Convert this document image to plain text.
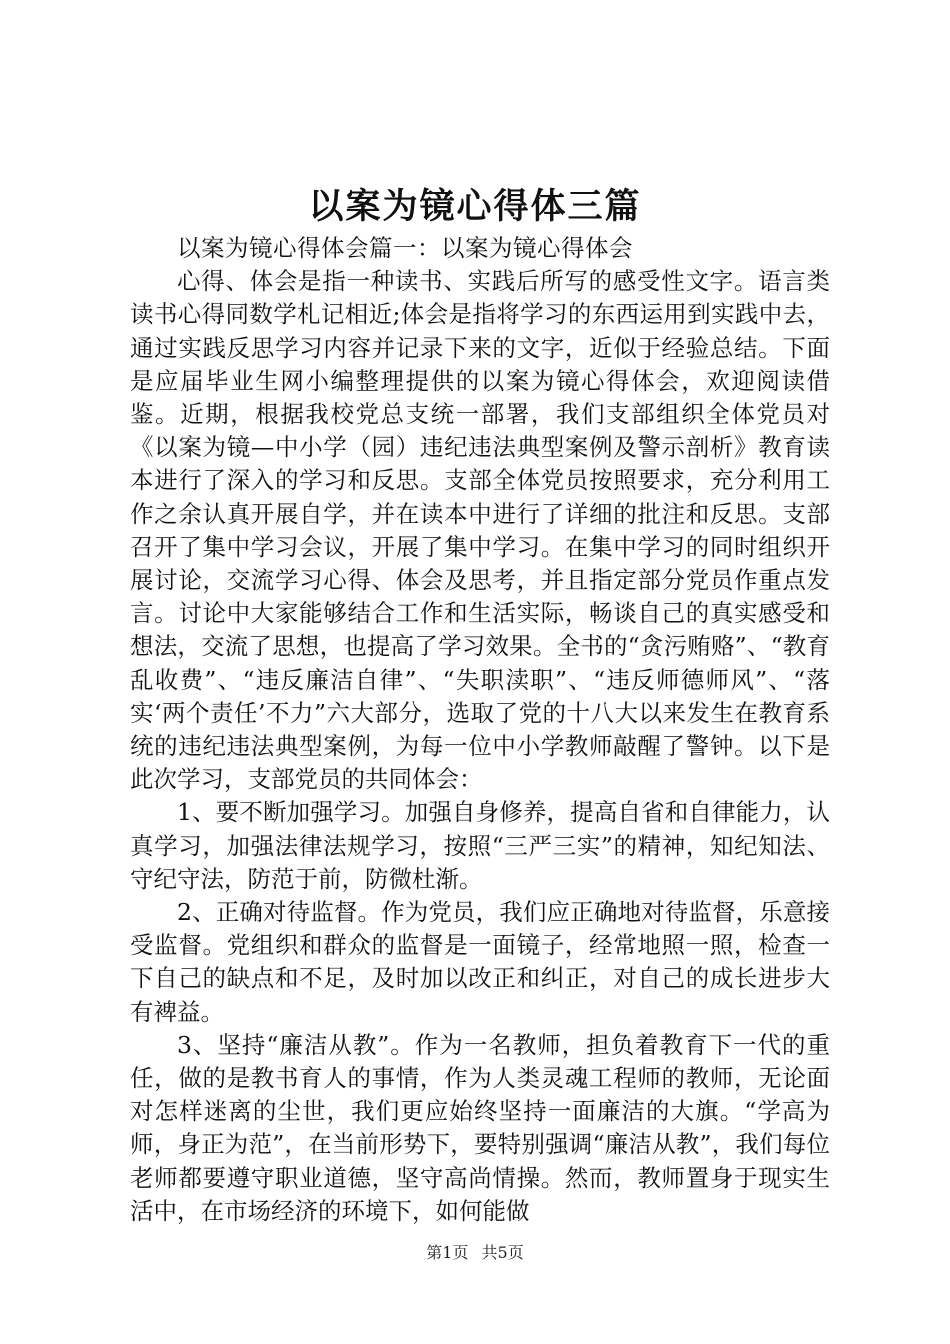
以案为镜心得体三篇

以案为镜心得体会篇一：以案为镜心得体会

心得、体会是指一种读书、实践后所写的感受性文字。语言类读书心得同数学札记相近;体会是指将学习的东西运用到实践中去，通过实践反思学习内容并记录下来的文字，近似于经验总结。下面是应届毕业生网小编整理提供的以案为镜心得体会，欢迎阅读借鉴。近期，根据我校党总支统一部署，我们支部组织全体党员对《以案为镜—中小学（园）违纪违法典型案例及警示剖析》教育读本进行了深入的学习和反思。支部全体党员按照要求，充分利用工作之余认真开展自学，并在读本中进行了详细的批注和反思。支部召开了集中学习会议，开展了集中学习。在集中学习的同时组织开展讨论，交流学习心得、体会及思考，并且指定部分党员作重点发言。讨论中大家能够结合工作和生活实际，畅谈自己的真实感受和想法，交流了思想，也提高了学习效果。全书的“贪污贿赂”、“教育乱收费”、“违反廉洁自律”、“失职渎职”、“违反师德师风”、“落实‘两个责任’不力”六大部分，选取了党的十八大以来发生在教育系统的违纪违法典型案例，为每一位中小学教师敲醒了警钟。以下是此次学习，支部党员的共同体会：

1、要不断加强学习。加强自身修养，提高自省和自律能力，认真学习，加强法律法规学习，按照“三严三实”的精神，知纪知法、守纪守法，防范于前，防微杜渐。

2、正确对待监督。作为党员，我们应正确地对待监督，乐意接受监督。党组织和群众的监督是一面镜子，经常地照一照，检查一下自己的缺点和不足，及时加以改正和纠正，对自己的成长进步大有裨益。

3、坚持“廉洁从教”。作为一名教师，担负着教育下一代的重任，做的是教书育人的事情，作为人类灵魂工程师的教师，无论面对怎样迷离的尘世，我们更应始终坚持一面廉洁的大旗。“学高为师，身正为范”，在当前形势下，要特别强调“廉洁从教”，我们每位老师都要遵守职业道德，坚守高尚情操。然而，教师置身于现实生活中，在市场经济的环境下，如何能做

第1页 共5页
